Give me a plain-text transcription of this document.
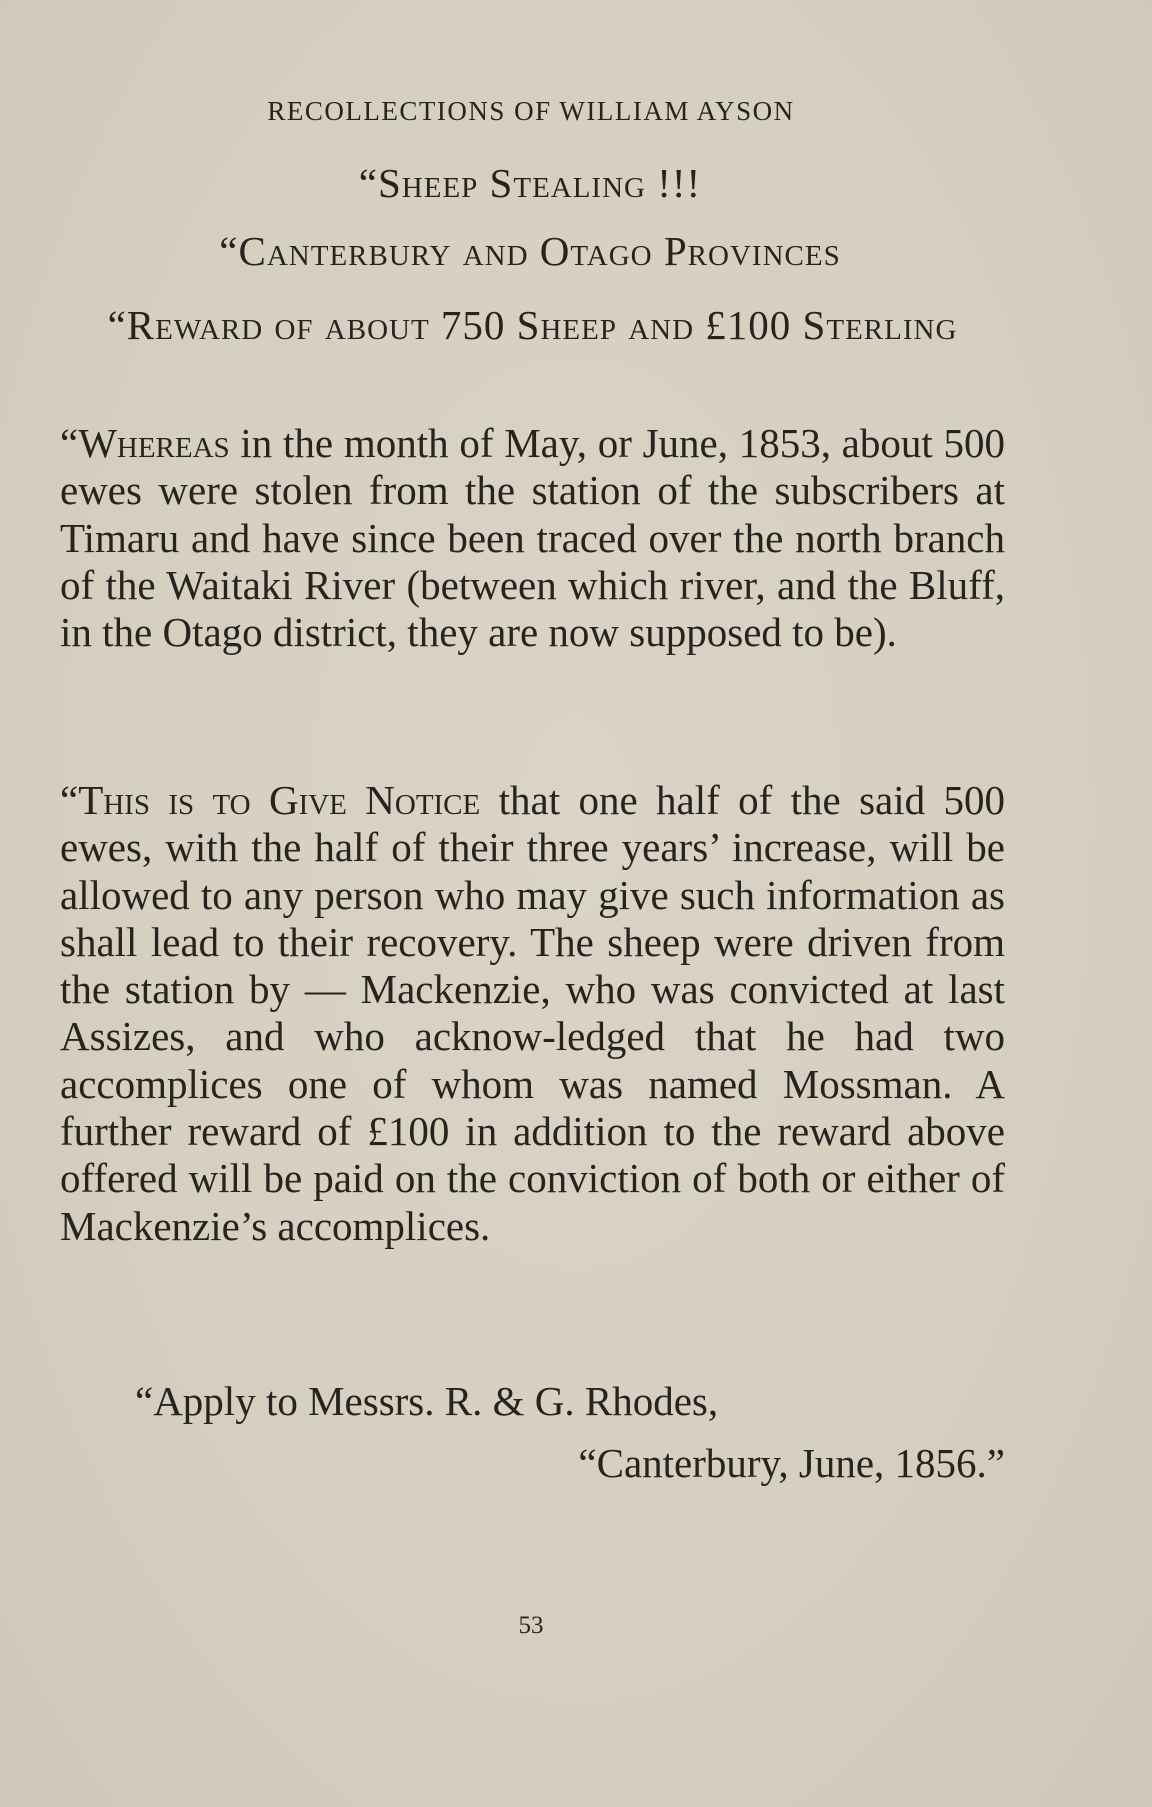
RECOLLECTIONS OF WILLIAM AYSON
“Sheep Stealing !!!
“Canterbury and Otago Provinces
“Reward of about 750 Sheep and £100 Sterling

“Whereas in the month of May, or June, 1853, about 500 ewes were stolen from the station of the subscribers at Timaru and have since been traced over the north branch of the Waitaki River (between which river, and the Bluff, in the Otago district, they are now supposed to be).

“This is to Give Notice that one half of the said 500 ewes, with the half of their three years’ increase, will be allowed to any person who may give such information as shall lead to their recovery. The sheep were driven from the station by — Mackenzie, who was convicted at last Assizes, and who acknow-ledged that he had two accomplices one of whom was named Mossman. A further reward of £100 in addition to the reward above offered will be paid on the conviction of both or either of Mackenzie’s accomplices.

“Apply to Messrs. R. & G. Rhodes,
“Canterbury, June, 1856.”
53
